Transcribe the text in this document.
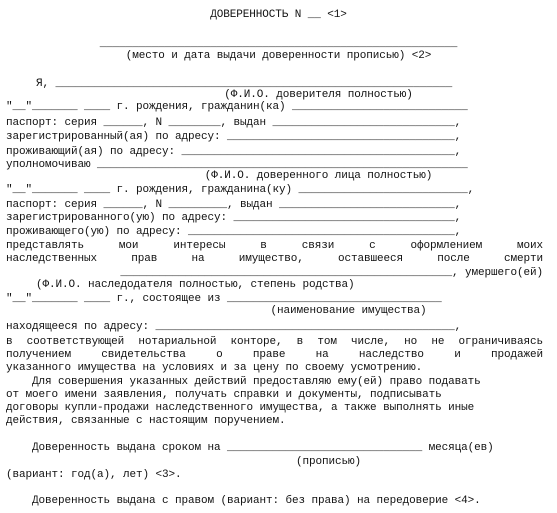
ДОВЕРЕННОСТЬ N __ <1>
_______________________________________________________
(место и дата выдачи доверенности прописью) <2>
Я, _____________________________________________________________
(Ф.И.О. доверителя полностью)
"__"_______ ____ г. рождения, гражданин(ка) ___________________________
паспорт: серия ______, N ________, выдан ____________________________,
зарегистрированный(ая) по адресу: ___________________________________,
проживающий(ая) по адресу: __________________________________________,
уполномочиваю _________________________________________________________
(Ф.И.О. доверенного лица полностью)
"__"_______ ____ г. рождения, гражданина(ку) __________________________,
паспорт: серия ______, N _________, выдан ___________________________,
зарегистрированного(ую) по адресу: __________________________________,
проживающего(ую) по адресу: _________________________________________,
представлять мои интересы в связи с оформлением моих
наследственных прав на имущество, оставшееся после смерти
___________________________________________________, умершего(ей)
(Ф.И.О. наследодателя полностью, степень родства)
"__"_______ ____ г., состоящее из _________________________________
(наименование имущества)
находящееся по адресу: ______________________________________________,
в соответствующей нотариальной конторе, в том числе, но не ограничиваясь
получением свидетельства о праве на наследство и продажей
указанного имущества на условиях и за цену по своему усмотрению.
Для совершения указанных действий предоставляю ему(ей) право подавать
от моего имени заявления, получать справки и документы, подписывать
договоры купли-продажи наследственного имущества, а также выполнять иные
действия, связанные с настоящим поручением.
Доверенность выдана сроком на ______________________________ месяца(ев)
(прописью)
(вариант: год(а), лет) <3>.
Доверенность выдана с правом (вариант: без права) на передоверие <4>.
